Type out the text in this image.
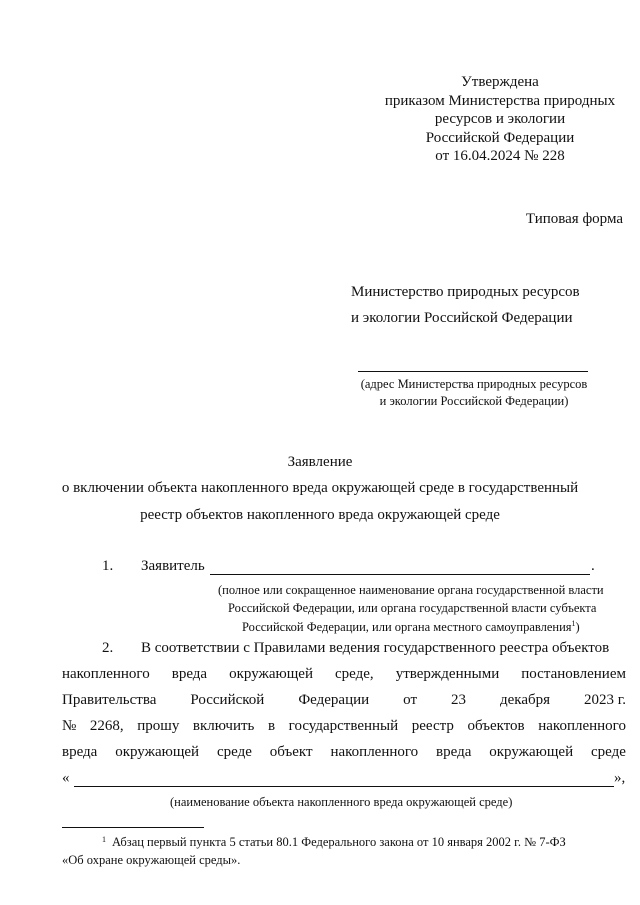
Утверждена
приказом Министерства природных
ресурсов и экологии
Российской Федерации
от 16.04.2024 № 228
Типовая форма
Министерство природных ресурсов
и экологии Российской Федерации
(адрес Министерства природных ресурсов
и экологии Российской Федерации)
Заявление
о включении объекта накопленного вреда окружающей среде в государственный
реестр объектов накопленного вреда окружающей среде
1. Заявитель	.
(полное или сокращенное наименование органа государственной власти
Российской Федерации, или органа государственной власти субъекта
Российской Федерации, или органа местного самоуправления$^1$)
2. В соответствии с Правилами ведения государственного реестра объектов
накопленного вреда окружающей среде, утвержденными постановлением
Правительства Российской Федерации от 23 декабря 2023 г.
№ 2268, прошу включить в государственный реестр объектов накопленного
вреда окружающей среде объект накопленного вреда окружающей среде
«	»,
(наименование объекта накопленного вреда окружающей среде)
1 Абзац первый пункта 5 статьи 80.1 Федерального закона от 10 января 2002 г. № 7-ФЗ
«Об охране окружающей среды».
